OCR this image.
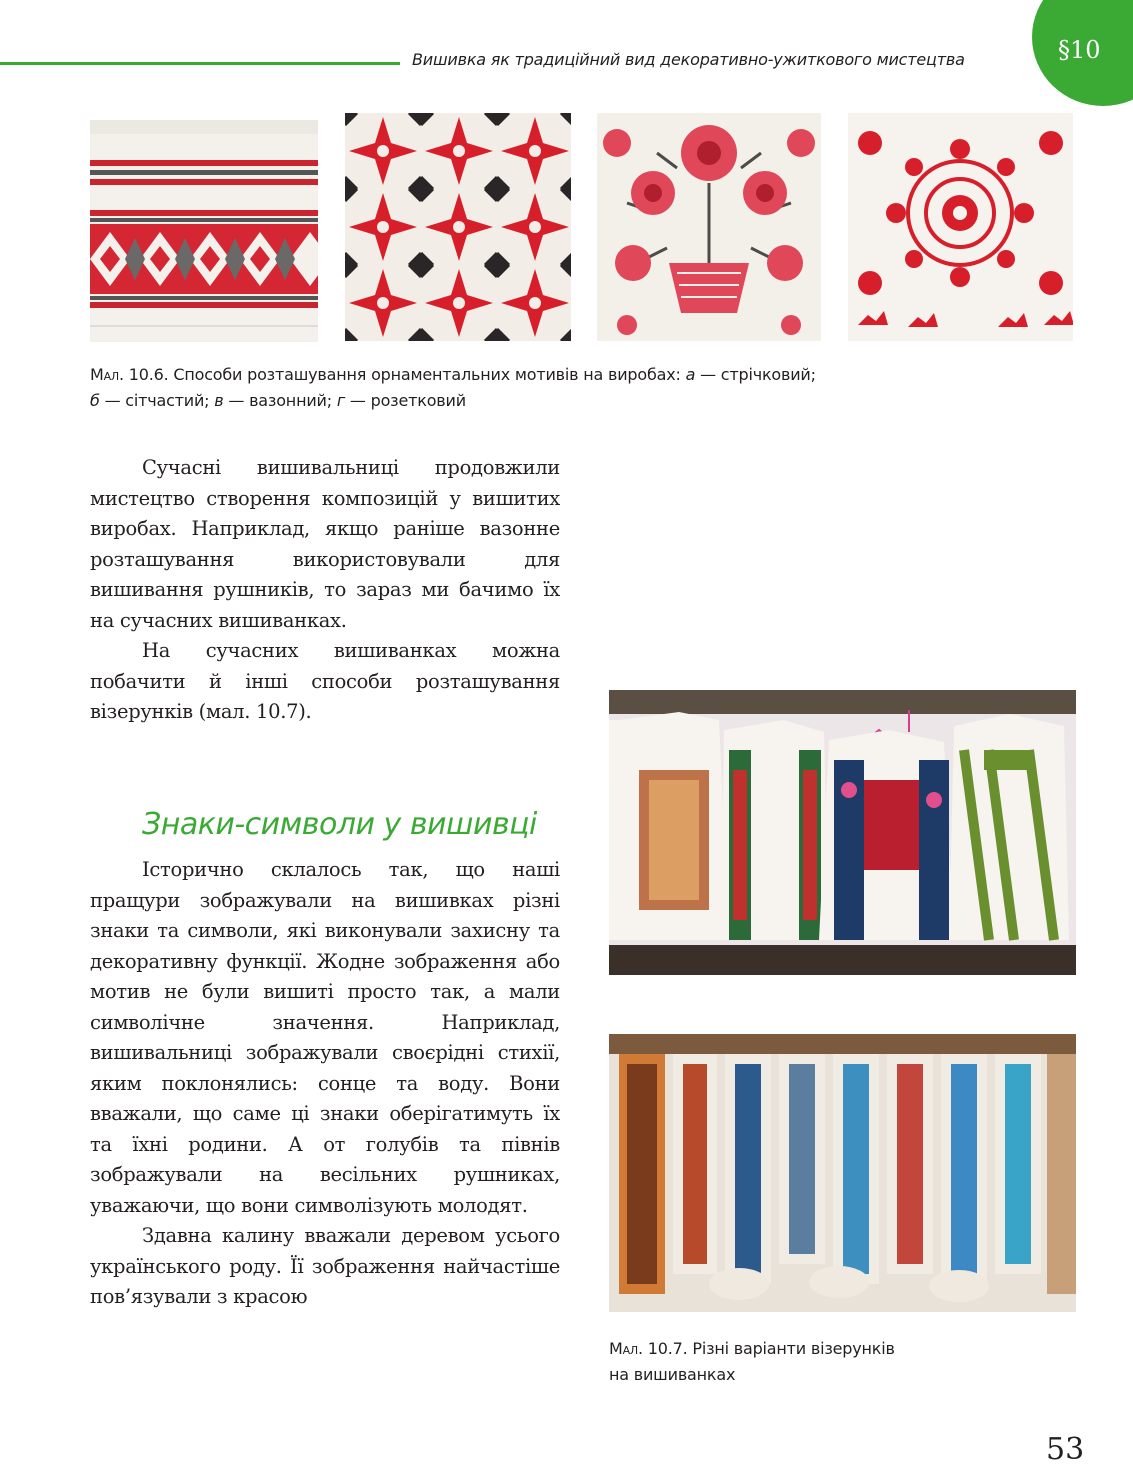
Вишивка як традиційний вид декоративно-ужиткового мистецтва	§10
Мал. 10.6. Способи розташування орнаментальних мотивів на виробах: а — стрічковий;
б — сітчастий; в — вазонний; г — розетковий

Сучасні вишивальниці продовжили мистецтво створення композицій у вишитих виробах. Наприклад, якщо раніше вазонне розташування використовували для вишивання рушників, то зараз ми бачимо їх на сучасних вишиванках.

На сучасних вишиванках можна побачити й інші способи розташування візерунків (мал. 10.7).

Знаки-символи у вишивці

Історично склалось так, що наші пращури зображували на вишивках різні знаки та символи, які виконували захисну та декоративну функції. Жодне зображення або мотив не були вишиті просто так, а мали символічне значення. Наприклад, вишивальниці зображували своєрідні стихії, яким поклонялись: сонце та воду. Вони вважали, що саме ці знаки оберігатимуть їх та їхні родини. А от голубів та півнів зображували на весільних рушниках, уважаючи, що вони символізують молодят.

Здавна калину вважали деревом усього українського роду. Її зображення найчастіше пов’язували з красою

Мал. 10.7. Різні варіанти візерунків
на вишиванках
53
